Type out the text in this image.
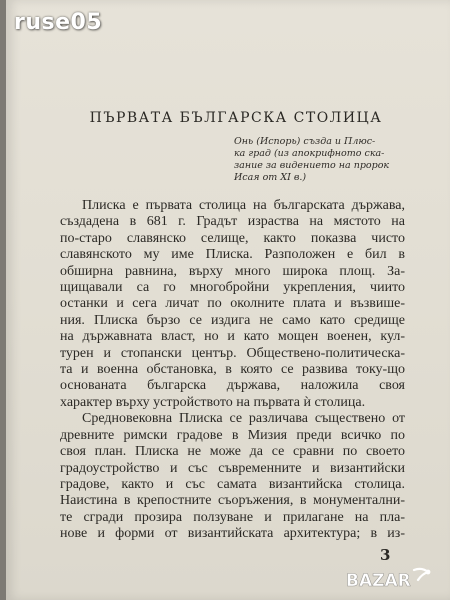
ПЪРВАТА БЪЛГАРСКА СТОЛИЦА
Онь (Испорь) създа и Плюс-
ка град (из апокрифното ска-
зание за видението на пророк
Исая от XI в.)
Плиска е първата столица на българската държава,
създадена в 681 г. Градът израства на мястото на
по-старо славянско селище, както показва чисто
славянското му име Плиска. Разположен е бил в
обширна равнина, върху много широка площ. За-
щищавали са го многобройни укрепления, чиито
останки и сега личат по околните плата и възвише-
ния. Плиска бързо се издига не само като средище
на държавната власт, но и като мощен военен, кул-
турен и стопански център. Обществено-политическа-
та и военна обстановка, в която се развива току-що
основаната българска държава, наложила своя
характер върху устройството на първата ѝ столица.
Средновековна Плиска се различава съществено от
древните римски градове в Мизия преди всичко по
своя план. Плиска не може да се сравни по своето
градоустройство и със съвременните и византийски
градове, както и със самата византийска столица.
Наистина в крепостните съоръжения, в монументални-
те сгради прозира ползуване и прилагане на пла-
нове и форми от византийската архитектура; в из-
3
ruse05
BAZAR
